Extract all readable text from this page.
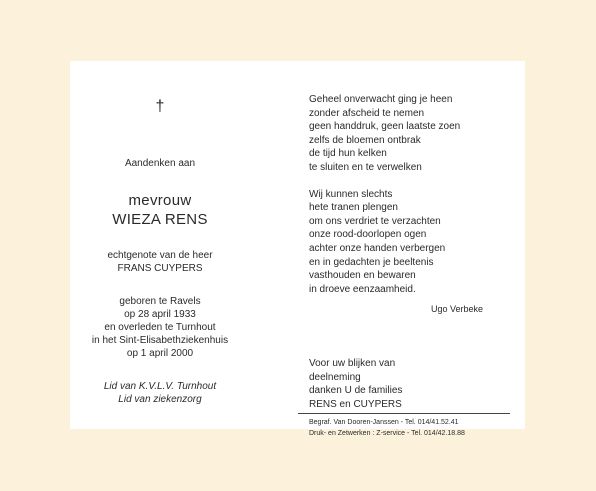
†
Aandenken aan
mevrouw
WIEZA RENS
echtgenote van de heer
FRANS CUYPERS
geboren te Ravels
op 28 april 1933
en overleden te Turnhout
in het Sint-Elisabethziekenhuis
op 1 april 2000
Lid van K.V.L.V. Turnhout
Lid van ziekenzorg
Geheel onverwacht ging je heen
zonder afscheid te nemen
geen handdruk, geen laatste zoen
zelfs de bloemen ontbrak
de tijd hun kelken
te sluiten en te verwelken
Wij kunnen slechts
hete tranen plengen
om ons verdriet te verzachten
onze rood-doorlopen ogen
achter onze handen verbergen
en in gedachten je beeltenis
vasthouden en bewaren
in droeve eenzaamheid.
Ugo Verbeke
Voor uw blijken van
deelneming
danken U de families
RENS en CUYPERS
Begraf. Van Dooren-Janssen - Tel. 014/41.52.41
Druk- en Zetwerken : Z-service - Tel. 014/42.18.88
